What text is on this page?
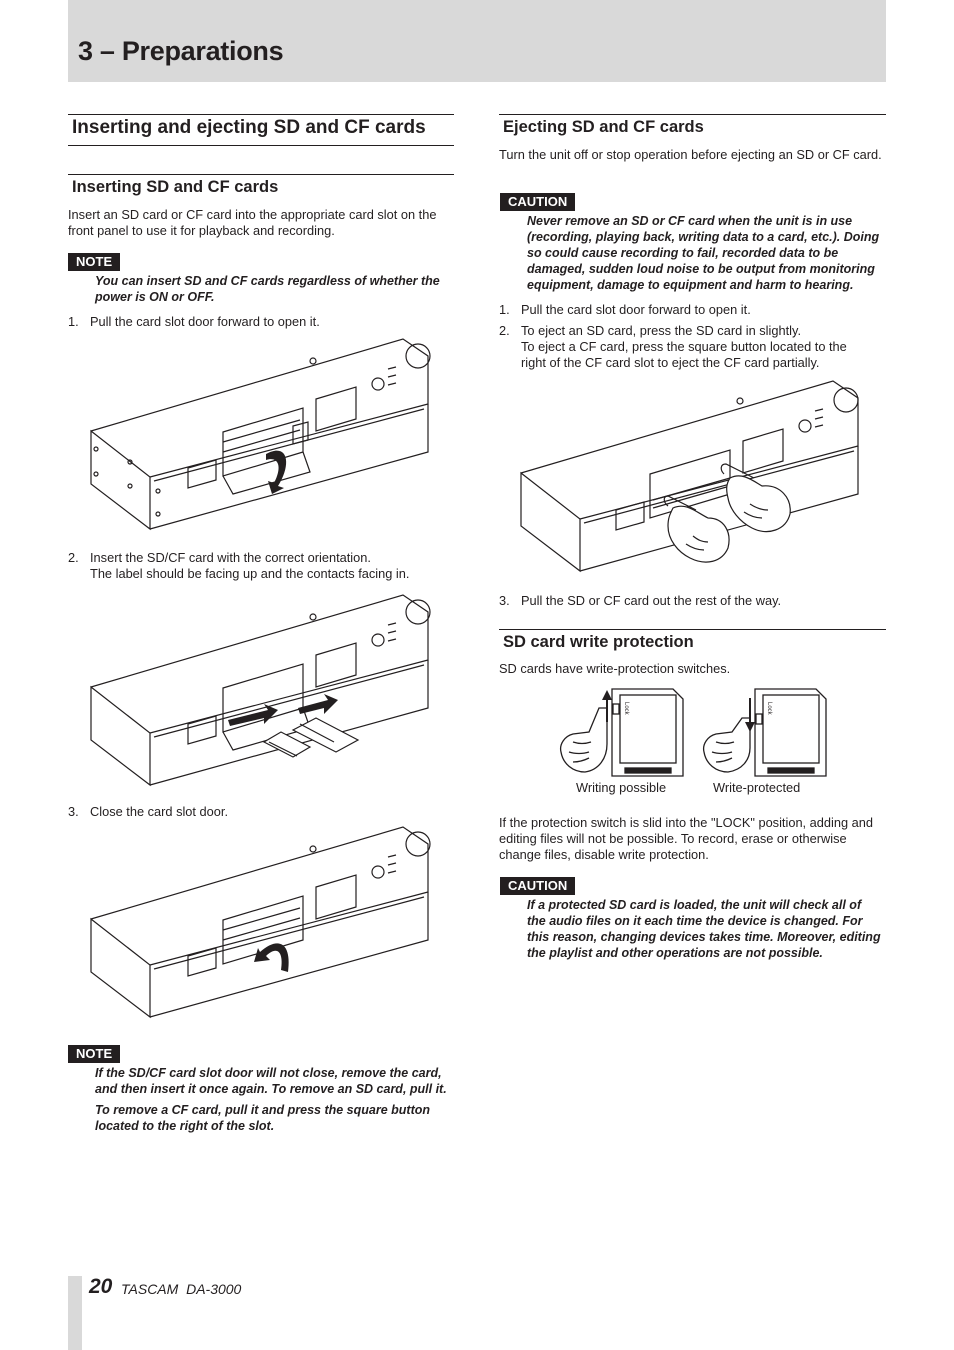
3 – Preparations
Inserting and ejecting SD and CF cards
Inserting SD and CF cards
Insert an SD card or CF card into the appropriate card slot on the front panel to use it for playback and recording.
NOTE
You can insert SD and CF cards regardless of whether the power is ON or OFF.
1. Pull the card slot door forward to open it.
2. Insert the SD/CF card with the correct orientation.
The label should be facing up and the contacts facing in.
3. Close the card slot door.
NOTE
If the SD/CF card slot door will not close, remove the card, and then insert it once again. To remove an SD card, pull it.
To remove a CF card, pull it and press the square button located to the right of the slot.
Ejecting SD and CF cards
Turn the unit off or stop operation before ejecting an SD or CF card.
CAUTION
Never remove an SD or CF card when the unit is in use (recording, playing back, writing data to a card, etc.). Doing so could cause recording to fail, recorded data to be damaged, sudden loud noise to be output from monitoring equipment, damage to equipment and harm to hearing.
1. Pull the card slot door forward to open it.
2. To eject an SD card, press the SD card in slightly.
To eject a CF card, press the square button located to the
right of the CF card slot to eject the CF card partially.
3. Pull the SD or CF card out the rest of the way.
SD card write protection
SD cards have write-protection switches.
Lock	Lock
Writing possible	Write-protected
If the protection switch is slid into the "LOCK" position, adding and editing files will not be possible. To record, erase or otherwise change files, disable write protection.
CAUTION
If a protected SD card is loaded, the unit will check all of the audio files on it each time the device is changed. For this reason, changing devices takes time. Moreover, editing the playlist and other operations are not possible.
20 TASCAM  DA-3000
